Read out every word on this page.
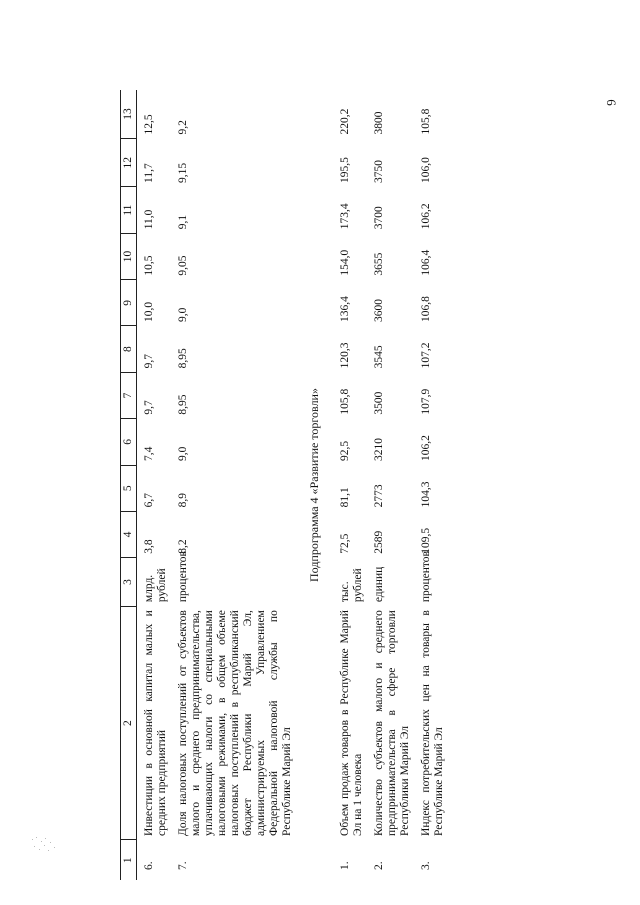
6
1	2	3	4	5	6	7	8	9	10	11	12	13
6.	Инвестиции в основной капитал малых и средних предприятий	млрд. рублей	3,8	6,7	7,4	9,7	9,7	10,0	10,5	11,0	11,7	12,5
7.	Доля налоговых поступлений от субъектов малого и среднего предпринимательства, уплачивающих налоги со специальными налоговыми режимами, в общем объеме налоговых поступлений в республиканский бюджет Республики Марий Эл, администрируемых Управлением Федеральной налоговой службы по Республике Марий Эл	процентов	8,2	8,9	9,0	8,95	8,95	9,0	9,05	9,1	9,15	9,2
Подпрограмма 4 «Развитие торговли»												
1.	Объем продаж товаров в Республике Марий Эл на 1 человека	тыс. рублей	72,5	81,1	92,5	105,8	120,3	136,4	154,0	173,4	195,5	220,2
2.	Количество субъектов малого и среднего предпринимательства в сфере торговли Республики Марий Эл	единиц	2589	2773	3210	3500	3545	3600	3655	3700	3750	3800
3.	Индекс потребительских цен на товары в Республике Марий Эл	процентов	109,5	104,3	106,2	107,9	107,2	106,8	106,4	106,2	106,0	105,8
